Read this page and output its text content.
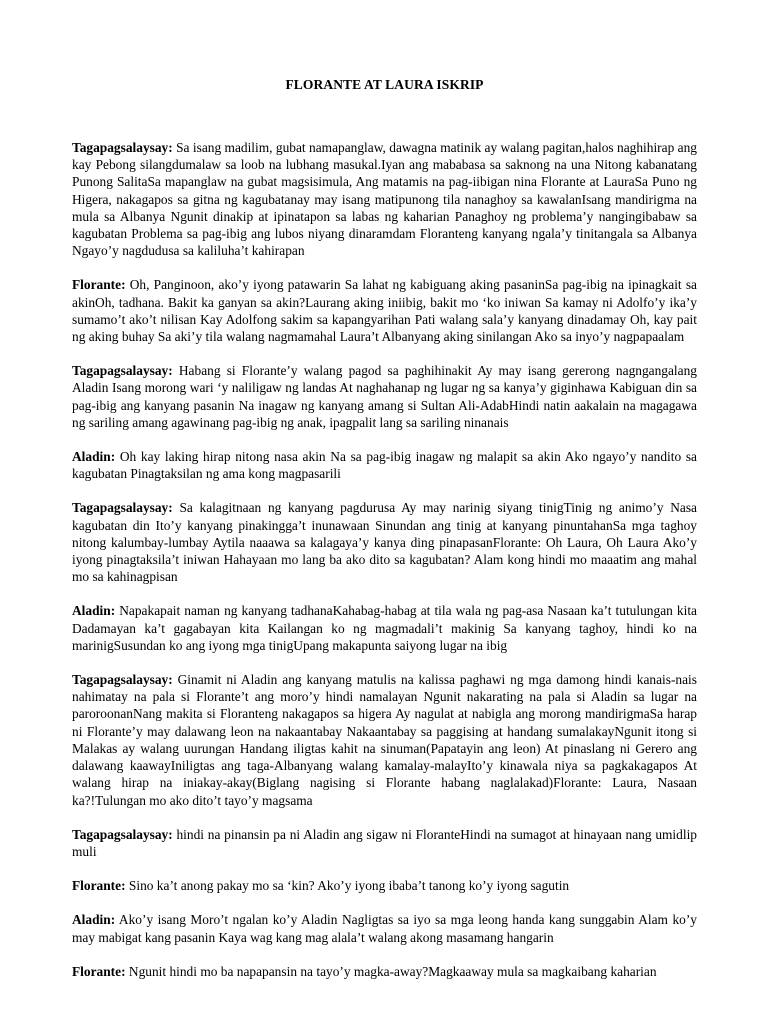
FLORANTE AT LAURA ISKRIP
Tagapagsalaysay: Sa isang madilim, gubat namapanglaw, dawagna matinik ay walang pagitan,halos naghihirap ang kay Pebong silangdumalaw sa loob na lubhang masukal.Iyan ang mababasa sa saknong na una Nitong kabanatang Punong SalitaSa mapanglaw na gubat magsisimula, Ang matamis na pag-iibigan nina Florante at LauraSa Puno ng Higera, nakagapos sa gitna ng kagubatanay may isang matipunong tila nanaghoy sa kawalanIsang mandirigma na mula sa Albanya Ngunit dinakip at ipinatapon sa labas ng kaharian Panaghoy ng problema’y nangingibabaw sa kagubatan Problema sa pag-ibig ang lubos niyang dinaramdam Floranteng kanyang ngala’y tinitangala sa Albanya Ngayo’y nagdudusa sa kaliluha’t kahirapan
Florante: Oh, Panginoon, ako’y iyong patawarin Sa lahat ng kabiguang aking pasaninSa pag-ibig na ipinagkait sa akinOh, tadhana. Bakit ka ganyan sa akin?Laurang aking iniibig, bakit mo ‘ko iniwan Sa kamay ni Adolfo’y ika’y sumamo’t ako’t nilisan Kay Adolfong sakim sa kapangyarihan Pati walang sala’y kanyang dinadamay Oh, kay pait ng aking buhay Sa aki’y tila walang nagmamahal Laura’t Albanyang aking sinilangan Ako sa inyo’y nagpapaalam
Tagapagsalaysay: Habang si Florante’y walang pagod sa paghihinakit Ay may isang gererong nagngangalang Aladin Isang morong wari ‘y naliligaw ng landas At naghahanap ng lugar ng sa kanya’y giginhawa Kabiguan din sa pag-ibig ang kanyang pasanin Na inagaw ng kanyang amang si Sultan Ali-AdabHindi natin aakalain na magagawa ng sariling amang agawinang pag-ibig ng anak, ipagpalit lang sa sariling ninanais
Aladin: Oh kay laking hirap nitong nasa akin Na sa pag-ibig inagaw ng malapit sa akin Ako ngayo’y nandito sa kagubatan Pinagtaksilan ng ama kong magpasarili
Tagapagsalaysay: Sa kalagitnaan ng kanyang pagdurusa Ay may narinig siyang tinigTinig ng animo’y Nasa kagubatan din Ito’y kanyang pinakingga’t inunawaan Sinundan ang tinig at kanyang pinuntahanSa mga taghoy nitong kalumbay-lumbay Aytila naaawa sa kalagaya’y kanya ding pinapasanFlorante: Oh Laura, Oh Laura Ako’y iyong pinagtaksila’t iniwan Hahayaan mo lang ba ako dito sa kagubatan? Alam kong hindi mo maaatim ang mahal mo sa kahinagpisan
Aladin: Napakapait naman ng kanyang tadhanaKahabag-habag at tila wala ng pag-asa Nasaan ka’t tutulungan kita Dadamayan ka’t gagabayan kita Kailangan ko ng magmadali’t makinig Sa kanyang taghoy, hindi ko na marinigSusundan ko ang iyong mga tinigUpang makapunta saiyong lugar na ibig
Tagapagsalaysay: Ginamit ni Aladin ang kanyang matulis na kalissa paghawi ng mga damong hindi kanais-nais nahimatay na pala si Florante’t ang moro’y hindi namalayan Ngunit nakarating na pala si Aladin sa lugar na paroroonanNang makita si Floranteng nakagapos sa higera Ay nagulat at nabigla ang morong mandirigmaSa harap ni Florante’y may dalawang leon na nakaantabay Nakaantabay sa paggising at handang sumalakayNgunit itong si Malakas ay walang uurungan Handang iligtas kahit na sinuman(Papatayin ang leon) At pinaslang ni Gerero ang dalawang kaawayIniligtas ang taga-Albanyang walang kamalay-malayIto’y kinawala niya sa pagkakagapos At walang hirap na iniakay-akay(Biglang nagising si Florante habang naglalakad)Florante: Laura, Nasaan ka?!Tulungan mo ako dito’t tayo’y magsama
Tagapagsalaysay: hindi na pinansin pa ni Aladin ang sigaw ni FloranteHindi na sumagot at hinayaan nang umidlip muli
Florante: Sino ka’t anong pakay mo sa ‘kin? Ako’y iyong ibaba’t tanong ko’y iyong sagutin
Aladin: Ako’y isang Moro’t ngalan ko’y Aladin Nagligtas sa iyo sa mga leong handa kang sunggabin Alam ko’y may mabigat kang pasanin Kaya wag kang mag alala’t walang akong masamang hangarin
Florante: Ngunit hindi mo ba napapansin na tayo’y magka-away?Magkaaway mula sa magkaibang kaharian
